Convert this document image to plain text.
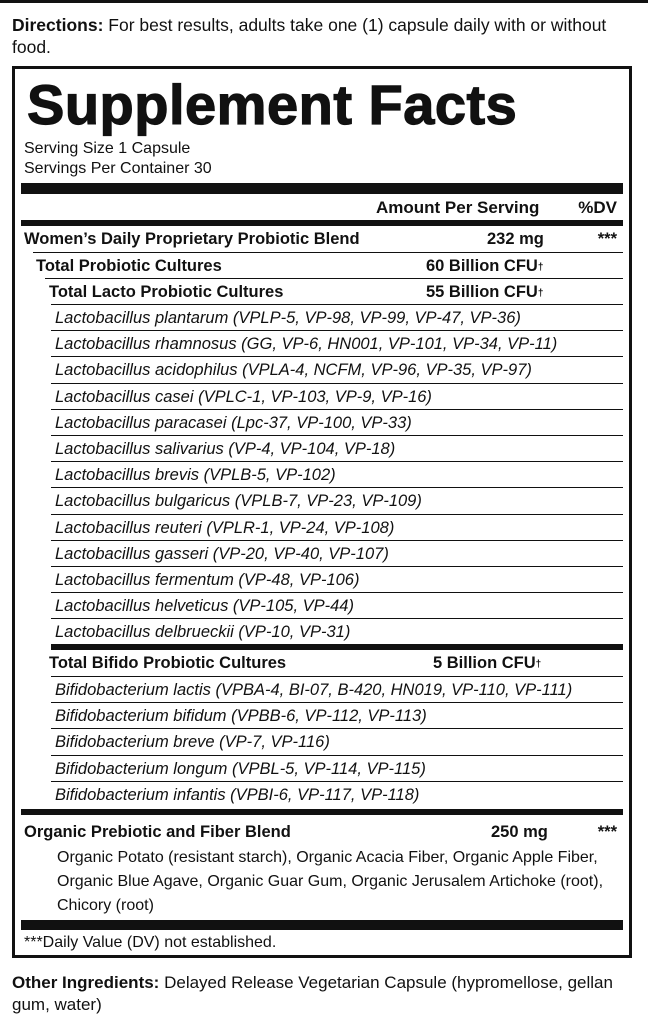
Directions: For best results, adults take one (1) capsule daily with or without food.
Supplement Facts
Serving Size 1 Capsule
Servings Per Container 30
Amount Per Serving %DV
Women’s Daily Proprietary Probiotic Blend	232 mg	***
Total Probiotic Cultures	60 Billion CFU†
Total Lacto Probiotic Cultures	55 Billion CFU†
Lactobacillus plantarum (VPLP-5, VP-98, VP-99, VP-47, VP-36)
Lactobacillus rhamnosus (GG, VP-6, HN001, VP-101, VP-34, VP-11)
Lactobacillus acidophilus (VPLA-4, NCFM, VP-96, VP-35, VP-97)
Lactobacillus casei (VPLC-1, VP-103, VP-9, VP-16)
Lactobacillus paracasei (Lpc-37, VP-100, VP-33)
Lactobacillus salivarius (VP-4, VP-104, VP-18)
Lactobacillus brevis (VPLB-5, VP-102)
Lactobacillus bulgaricus (VPLB-7, VP-23, VP-109)
Lactobacillus reuteri (VPLR-1, VP-24, VP-108)
Lactobacillus gasseri (VP-20, VP-40, VP-107)
Lactobacillus fermentum (VP-48, VP-106)
Lactobacillus helveticus (VP-105, VP-44)
Lactobacillus delbrueckii (VP-10, VP-31)
Total Bifido Probiotic Cultures	5 Billion CFU†
Bifidobacterium lactis (VPBA-4, BI-07, B-420, HN019, VP-110, VP-111)
Bifidobacterium bifidum (VPBB-6, VP-112, VP-113)
Bifidobacterium breve (VP-7, VP-116)
Bifidobacterium longum (VPBL-5, VP-114, VP-115)
Bifidobacterium infantis (VPBI-6, VP-117, VP-118)
Organic Prebiotic and Fiber Blend	250 mg	***
Organic Potato (resistant starch), Organic Acacia Fiber, Organic Apple Fiber,
Organic Blue Agave, Organic Guar Gum, Organic Jerusalem Artichoke (root),
Chicory (root)
***Daily Value (DV) not established.
Other Ingredients: Delayed Release Vegetarian Capsule (hypromellose, gellan gum, water)
